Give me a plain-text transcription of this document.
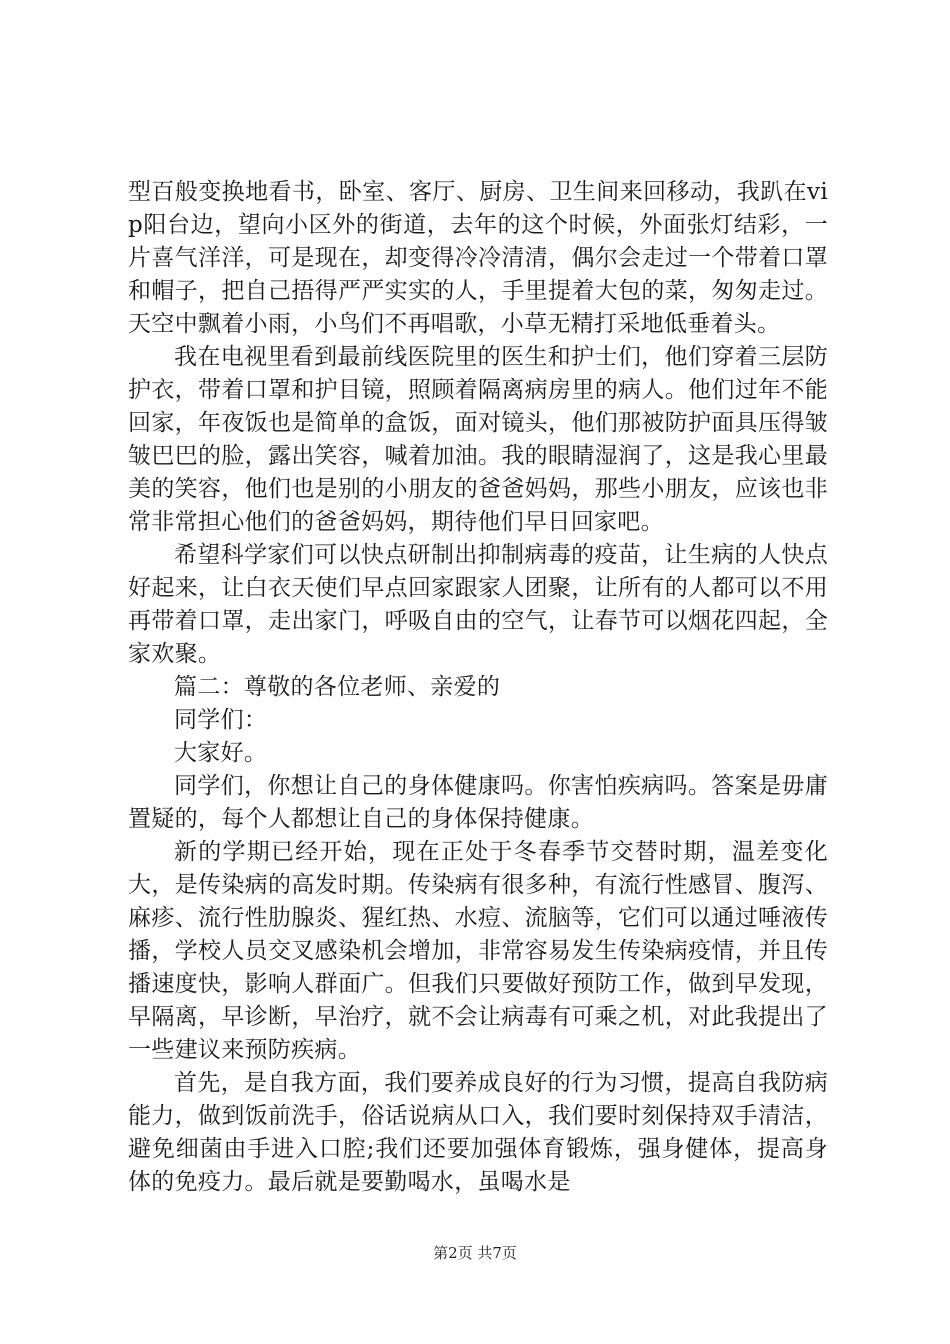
型百般变换地看书，卧室、客厅、厨房、卫生间来回移动，我趴在vip阳台边，望向小区外的街道，去年的这个时候，外面张灯结彩，一片喜气洋洋，可是现在，却变得冷冷清清，偶尔会走过一个带着口罩和帽子，把自己捂得严严实实的人，手里提着大包的菜，匆匆走过。天空中飘着小雨，小鸟们不再唱歌，小草无精打采地低垂着头。

我在电视里看到最前线医院里的医生和护士们，他们穿着三层防护衣，带着口罩和护目镜，照顾着隔离病房里的病人。他们过年不能回家，年夜饭也是简单的盒饭，面对镜头，他们那被防护面具压得皱皱巴巴的脸，露出笑容，喊着加油。我的眼睛湿润了，这是我心里最美的笑容，他们也是别的小朋友的爸爸妈妈，那些小朋友，应该也非常非常担心他们的爸爸妈妈，期待他们早日回家吧。

希望科学家们可以快点研制出抑制病毒的疫苗，让生病的人快点好起来，让白衣天使们早点回家跟家人团聚，让所有的人都可以不用再带着口罩，走出家门，呼吸自由的空气，让春节可以烟花四起，全家欢聚。

篇二：尊敬的各位老师、亲爱的

同学们：

大家好。

同学们，你想让自己的身体健康吗。你害怕疾病吗。答案是毋庸置疑的，每个人都想让自己的身体保持健康。

新的学期已经开始，现在正处于冬春季节交替时期，温差变化大，是传染病的高发时期。传染病有很多种，有流行性感冒、腹泻、麻疹、流行性肋腺炎、猩红热、水痘、流脑等，它们可以通过唾液传播，学校人员交叉感染机会增加，非常容易发生传染病疫情，并且传播速度快，影响人群面广。但我们只要做好预防工作，做到早发现，早隔离，早诊断，早治疗，就不会让病毒有可乘之机，对此我提出了一些建议来预防疾病。

首先，是自我方面，我们要养成良好的行为习惯，提高自我防病能力，做到饭前洗手，俗话说病从口入，我们要时刻保持双手清洁，避免细菌由手进入口腔;我们还要加强体育锻炼，强身健体，提高身体的免疫力。最后就是要勤喝水，虽喝水是

第2页 共7页
